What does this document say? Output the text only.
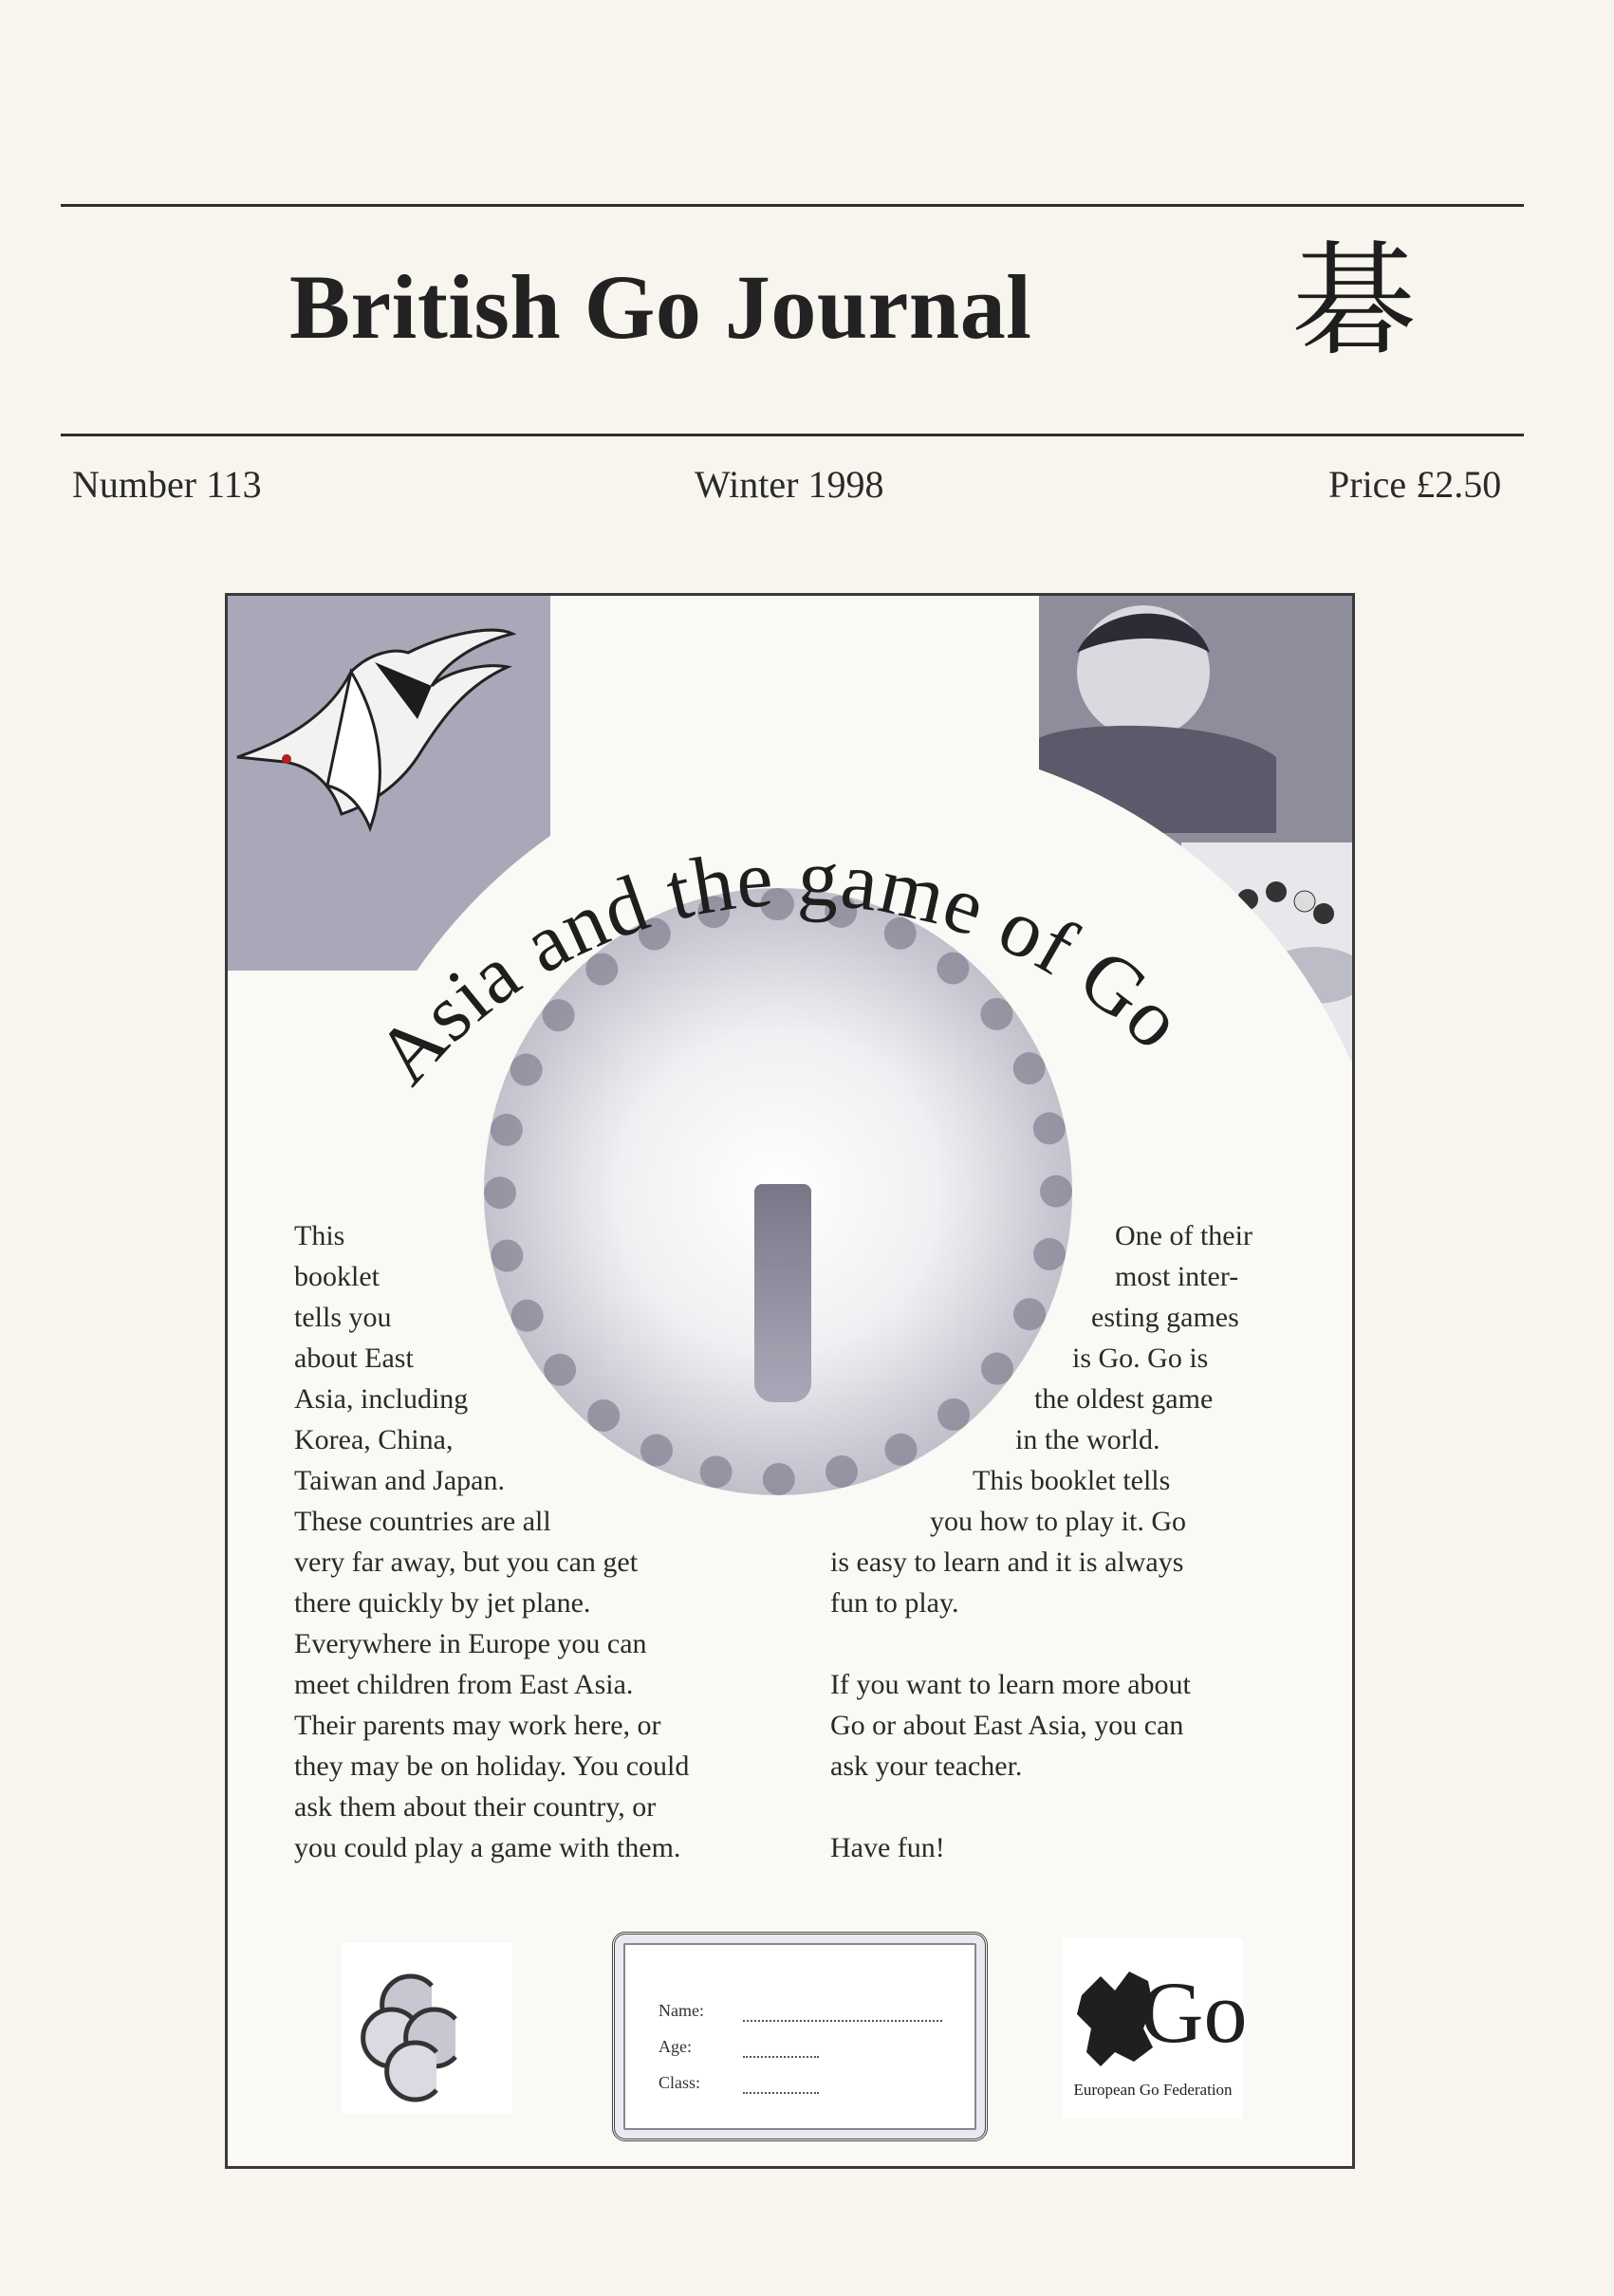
British Go Journal 碁
Number 113	Winter 1998	Price £2.50
Asia and the game of Go
This
booklet
tells you
about East
Asia, including
Korea, China,
Taiwan and Japan.
These countries are all
very far away, but you can get
there quickly by jet plane.
Everywhere in Europe you can
meet children from East Asia.
Their parents may work here, or
they may be on holiday. You could
ask them about their country, or
you could play a game with them.
One of their
most inter-
esting games
is Go. Go is
the oldest game
in the world.
This booklet tells
you how to play it. Go
is easy to learn and it is always
fun to play.

If you want to learn more about
Go or about East Asia, you can
ask your teacher.

Have fun!
Name:
Age:
Class:
Go
European Go Federation
